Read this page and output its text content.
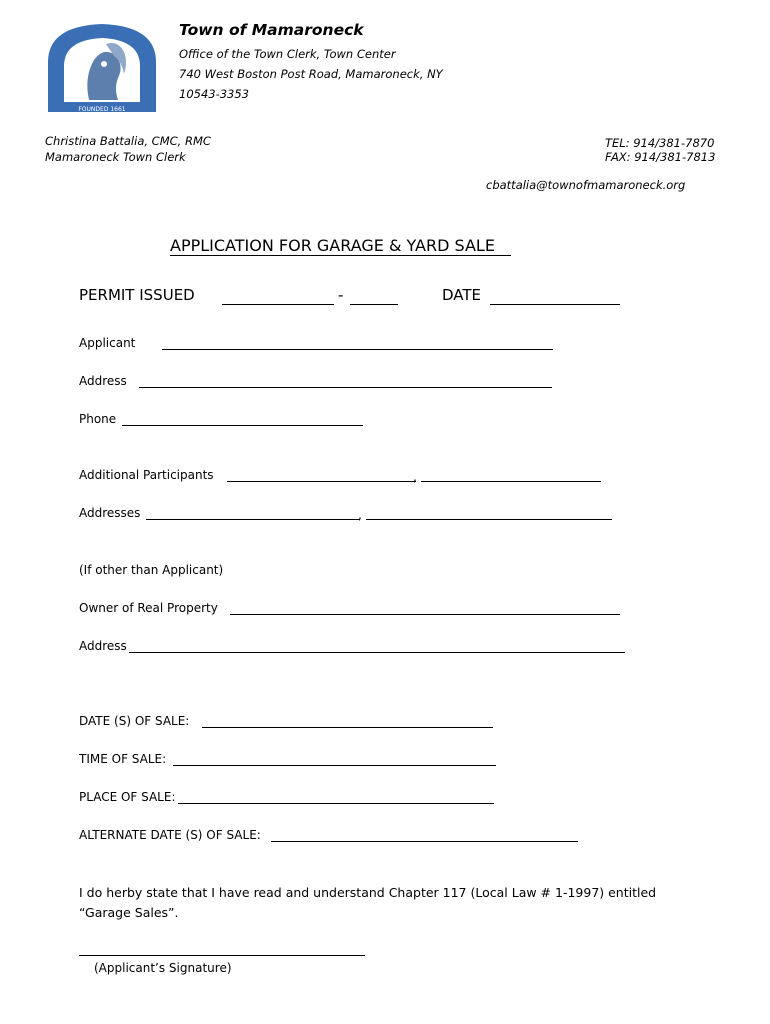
FOUNDED 1661
Town of Mamaroneck
Office of the Town Clerk, Town Center
740 West Boston Post Road, Mamaroneck, NY
10543-3353
Christina Battalia, CMC, RMC
Mamaroneck Town Clerk
TEL: 914/381-7870
FAX: 914/381-7813
cbattalia@townofmamaroneck.org
APPLICATION FOR GARAGE & YARD SALE
PERMIT ISSUED	-	DATE
Applicant
Address
Phone
Additional Participants	,
Addresses	,
(If other than Applicant)
Owner of Real Property
Address
DATE (S) OF SALE:
TIME OF SALE:
PLACE OF SALE:
ALTERNATE DATE (S) OF SALE:
I do herby state that I have read and understand Chapter 117 (Local Law # 1-1997) entitled
“Garage Sales”.
(Applicant’s Signature)
